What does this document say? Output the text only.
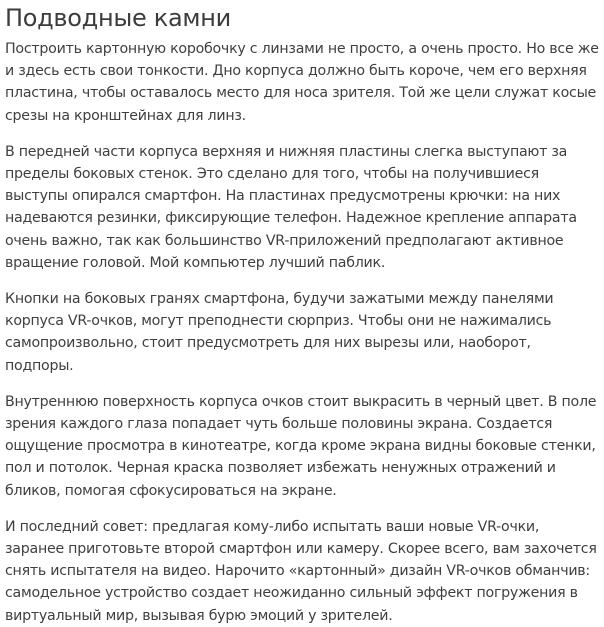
Подводные камни

Построить картонную коробочку с линзами не просто, а очень просто. Но все же и здесь есть свои тонкости. Дно корпуса должно быть короче, чем его верхняя пластина, чтобы оставалось место для носа зрителя. Той же цели служат косые срезы на кронштейнах для линз.

В передней части корпуса верхняя и нижняя пластины слегка выступают за пределы боковых стенок. Это сделано для того, чтобы на получившиеся выступы опирался смартфон. На пластинах предусмотрены крючки: на них надеваются резинки, фиксирующие телефон. Надежное крепление аппарата очень важно, так как большинство VR-приложений предполагают активное вращение головой. Мой компьютер лучший паблик.

Кнопки на боковых гранях смартфона, будучи зажатыми между панелями корпуса VR-очков, могут преподнести сюрприз. Чтобы они не нажимались самопроизвольно, стоит предусмотреть для них вырезы или, наоборот, подпоры.

Внутреннюю поверхность корпуса очков стоит выкрасить в черный цвет. В поле зрения каждого глаза попадает чуть больше половины экрана. Создается ощущение просмотра в кинотеатре, когда кроме экрана видны боковые стенки, пол и потолок. Черная краска позволяет избежать ненужных отражений и бликов, помогая сфокусироваться на экране.

И последний совет: предлагая кому-либо испытать ваши новые VR-очки, заранее приготовьте второй смартфон или камеру. Скорее всего, вам захочется снять испытателя на видео. Нарочито «картонный» дизайн VR-очков обманчив: самодельное устройство создает неожиданно сильный эффект погружения в виртуальный мир, вызывая бурю эмоций у зрителей.
